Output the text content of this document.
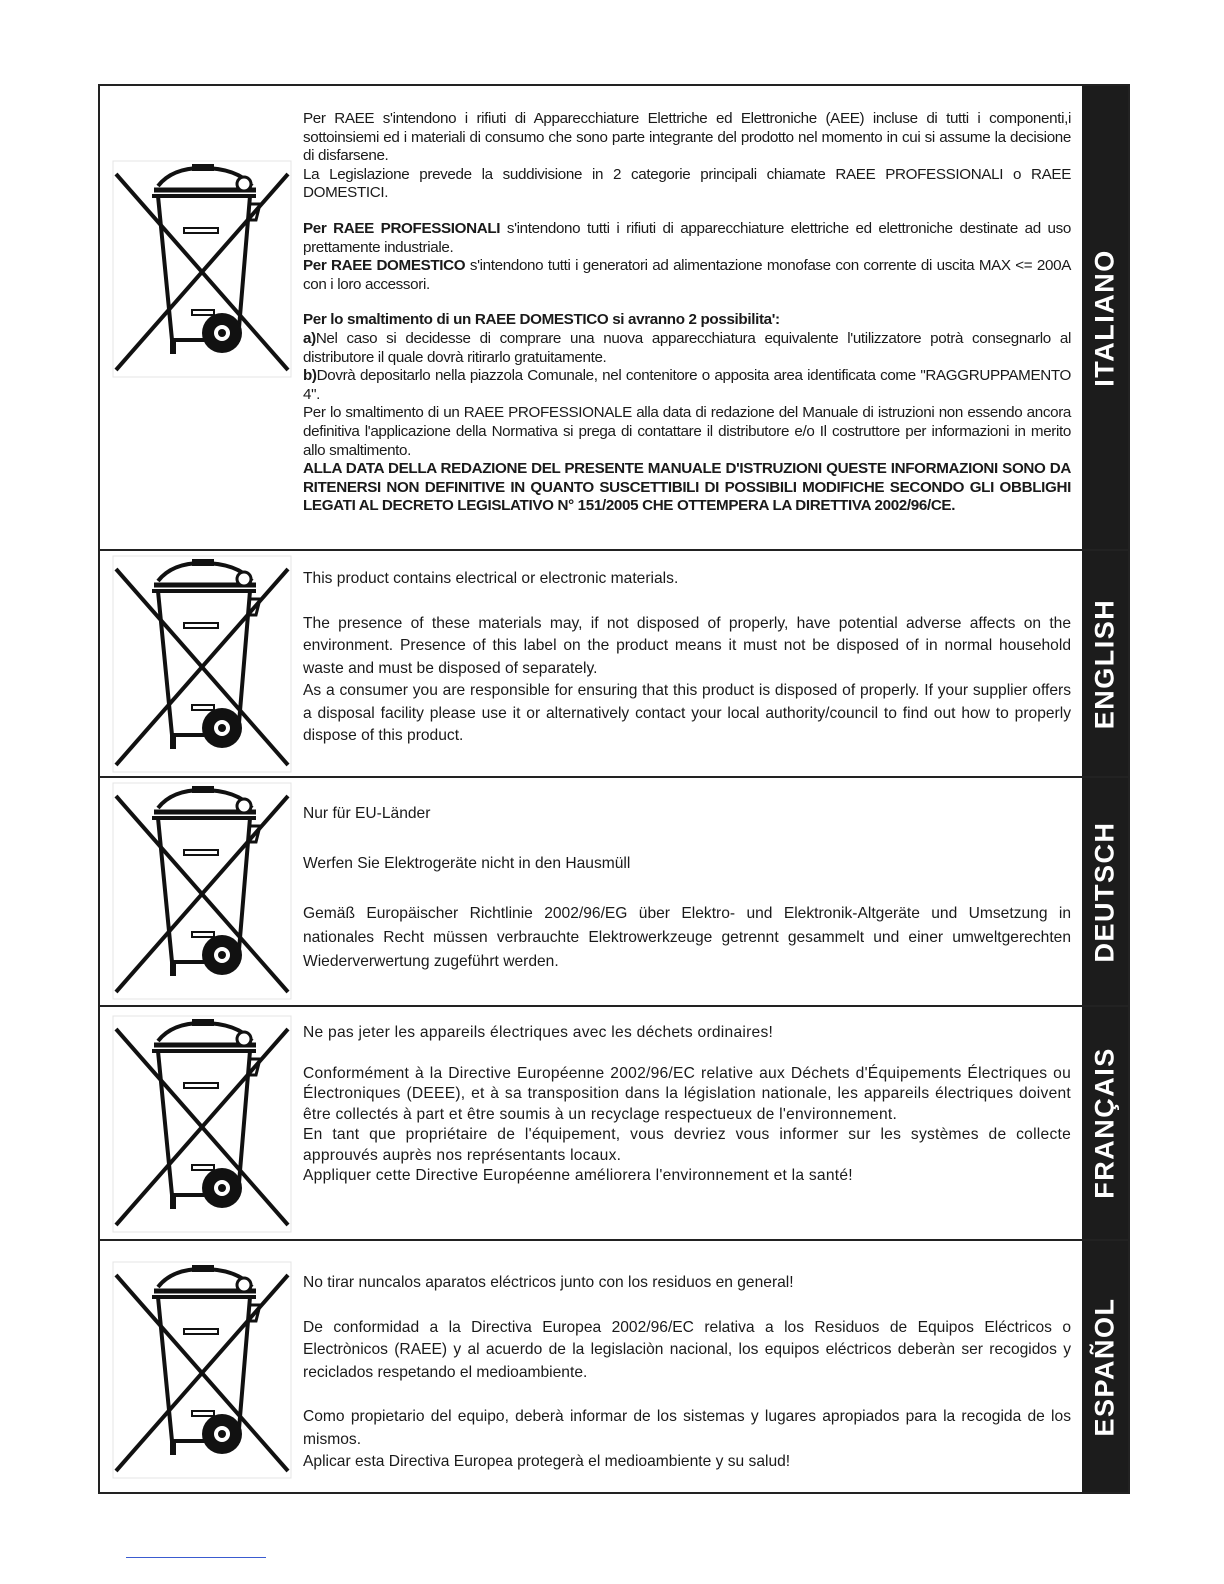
Per RAEE s'intendono i rifiuti di Apparecchiature Elettriche ed Elettroniche (AEE) incluse di tutti i componenti,i sottoinsiemi ed i materiali di consumo che sono parte integrante del prodotto nel momento in cui si assume la decisione di disfarsene.

La Legislazione prevede la suddivisione in 2 categorie principali chiamate RAEE PROFESSIONALI o RAEE DOMESTICI.

Per RAEE PROFESSIONALI s'intendono tutti i rifiuti di apparecchiature elettriche ed elettroniche destinate ad uso prettamente industriale.

Per RAEE DOMESTICO s'intendono tutti i generatori ad alimentazione monofase con corrente di uscita MAX <= 200A con i loro accessori.

Per lo smaltimento di un RAEE DOMESTICO si avranno 2 possibilita':

a)Nel caso si decidesse di comprare una nuova apparecchiatura equivalente l'utilizzatore potrà consegnarlo al distributore il quale dovrà ritirarlo gratuitamente.

b)Dovrà depositarlo nella piazzola Comunale, nel contenitore o apposita area identificata come "RAGGRUPPAMENTO 4".

Per lo smaltimento di un RAEE PROFESSIONALE alla data di redazione del Manuale di istruzioni non essendo ancora definitiva l'applicazione della Normativa si prega di contattare il distributore e/o Il costruttore per informazioni in merito allo smaltimento.

ALLA DATA DELLA REDAZIONE DEL PRESENTE MANUALE D'ISTRUZIONI QUESTE INFORMAZIONI SONO DA RITENERSI NON DEFINITIVE IN QUANTO SUSCETTIBILI DI POSSIBILI MODIFICHE SECONDO GLI OBBLIGHI LEGATI AL DECRETO LEGISLATIVO N° 151/2005 CHE OTTEMPERA LA DIRETTIVA 2002/96/CE.

ITALIANO

This product contains electrical or electronic materials.

The presence of these materials may, if not disposed of properly, have potential adverse affects on the environment. Presence of this label on the product means it must not be disposed of in normal household waste and must be disposed of separately.

As a consumer you are responsible for ensuring that this product is disposed of properly. If your supplier offers a disposal facility please use it or alternatively contact your local authority/council to find out how to properly dispose of this product.

ENGLISH

Nur für EU-Länder

Werfen Sie Elektrogeräte nicht in den Hausmüll

Gemäß Europäischer Richtlinie 2002/96/EG über Elektro- und Elektronik-Altgeräte und Umsetzung in nationales Recht müssen verbrauchte Elektrowerkzeuge getrennt gesammelt und einer umweltgerechten Wiederverwertung zugeführt werden.	DEUTSCH

Ne pas jeter les appareils électriques avec les déchets ordinaires!

Conformément à la Directive Européenne 2002/96/EC relative aux Déchets d'Équipements Électriques ou Électroniques (DEEE), et à sa transposition dans la législation nationale, les appareils électriques doivent être collectés à part et être soumis à un recyclage respectueux de l'environnement.

En tant que propriétaire de l'équipement, vous devriez vous informer sur les systèmes de collecte approuvés auprès nos représentants locaux.

Appliquer cette Directive Européenne améliorera l'environnement et la santé!	FRANÇAIS

No tirar nuncalos aparatos eléctricos junto con los residuos en general!

De conformidad a la Directiva Europea 2002/96/EC relativa a los Residuos de Equipos Eléctricos o Electrònicos (RAEE) y al acuerdo de la legislaciòn nacional, los equipos eléctricos deberàn ser recogidos y reciclados respetando el medioambiente.

Como propietario del equipo, deberà informar de los sistemas y lugares apropiados para la recogida de los mismos.

Aplicar esta Directiva Europea protegerà el medioambiente y su salud!

ESPAÑOL
